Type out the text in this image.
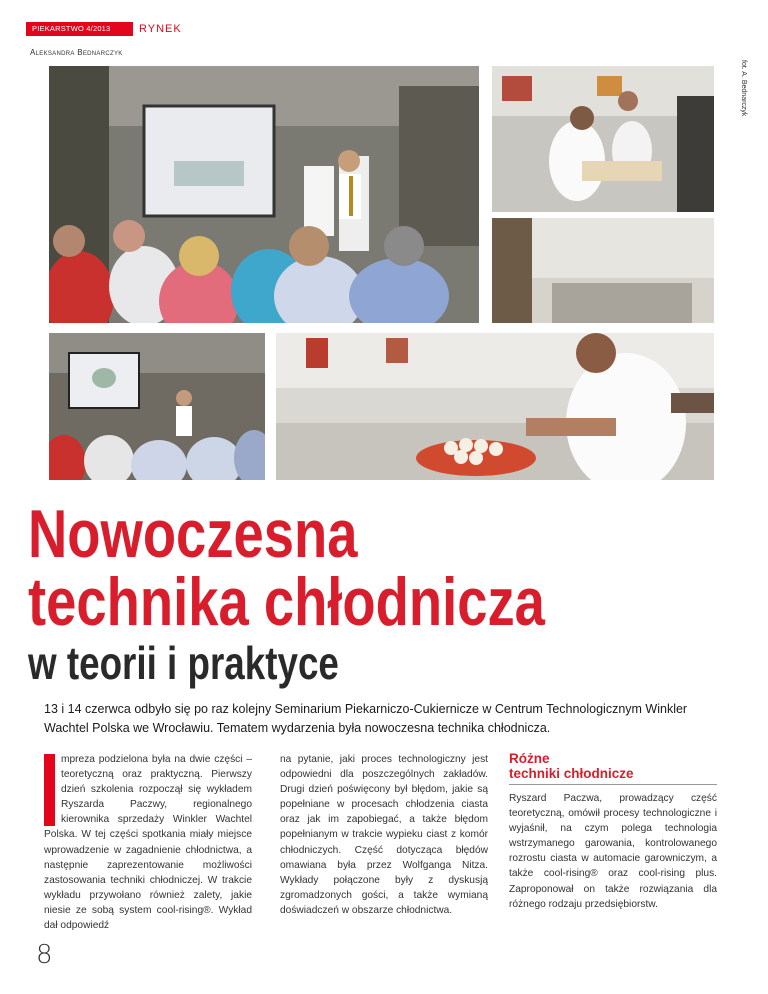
PIEKARSTWO 4/2013	RYNEK
Aleksandra Bednarczyk
fot. A. Bednarczyk
Nowoczesna
technika chłodnicza
w teorii i praktyce
13 i 14 czerwca odbyło się po raz kolejny Seminarium Piekarniczo-Cukiernicze w Centrum Technologicznym Winkler Wachtel Polska we Wrocławiu. Tematem wydarzenia była nowoczesna technika chłodnicza.
mpreza podzielona była na dwie części – teoretyczną oraz praktyczną. Pierwszy dzień szkolenia rozpoczął się wykładem Ryszarda Paczwy, regionalnego kierownika sprzedaży Winkler Wachtel Polska. W tej części spotkania miały miejsce wprowadzenie w zagadnienie chłodnictwa, a następnie zaprezentowanie możliwości zastosowania techniki chłodniczej. W trakcie wykładu przywołano również zalety, jakie niesie ze sobą system cool-rising®. Wykład dał odpowiedź
na pytanie, jaki proces technologiczny jest odpowiedni dla poszczególnych zakładów. Drugi dzień poświęcony był błędom, jakie są popełniane w procesach chłodzenia ciasta oraz jak im zapobiegać, a także błędom popełnianym w trakcie wypieku ciast z komór chłodniczych. Część dotycząca błędów omawiana była przez Wolfganga Nitza. Wykłady połączone były z dyskusją zgromadzonych gości, a także wymianą doświadczeń w obszarze chłodnictwa.
Różne
techniki chłodnicze
Ryszard Paczwa, prowadzący część teoretyczną, omówił procesy technologiczne i wyjaśnił, na czym polega technologia wstrzymanego garowania, kontrolowanego rozrostu ciasta w automacie garowniczym, a także cool-rising® oraz cool-rising plus. Zaproponował on także rozwiązania dla różnego rodzaju przedsiębiorstw.
8
